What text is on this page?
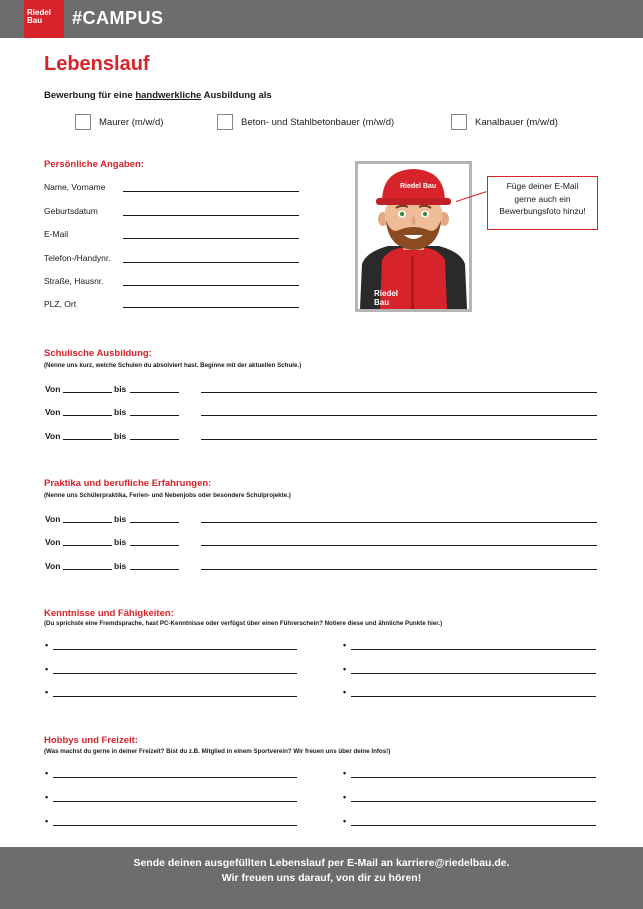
Riedel
Bau	#CAMPUS
Lebenslauf
Bewerbung für eine handwerkliche Ausbildung als
Maurer (m/w/d)	Beton- und Stahlbetonbauer (m/w/d)	Kanalbauer (m/w/d)
Persönliche Angaben:
Name, Vorname
Geburtsdatum
E-Mail
Telefon-/Handynr.
Straße, Hausnr.
PLZ, Ort
Riedel Bau
Riedel
Bau
Füge deiner E-Mail
gerne auch ein
Bewerbungsfoto hinzu!
Schulische Ausbildung:
(Nenne uns kurz, welche Schulen du absolviert hast. Beginne mit der aktuellen Schule.)
Von	bis
Von	bis
Von	bis
Praktika und berufliche Erfahrungen:
(Nenne uns Schülerpraktika, Ferien- und Nebenjobs oder besondere Schulprojekte.)
Von	bis
Von	bis
Von	bis
Kenntnisse und Fähigkeiten:
(Du sprichste eine Fremdsprache, hast PC-Kenntnisse oder verfügst über einen Führerschein? Notiere diese und ähnliche Punkte hier.)
•	•
•	•
•	•
Hobbys und Freizeit:
(Was machst du gerne in deiner Freizeit? Bist du z.B. Mitglied in einem Sportverein? Wir freuen uns über deine Infos!)
•	•
•	•
•	•
Sende deinen ausgefüllten Lebenslauf per E-Mail an karriere@riedelbau.de.
Wir freuen uns darauf, von dir zu hören!
